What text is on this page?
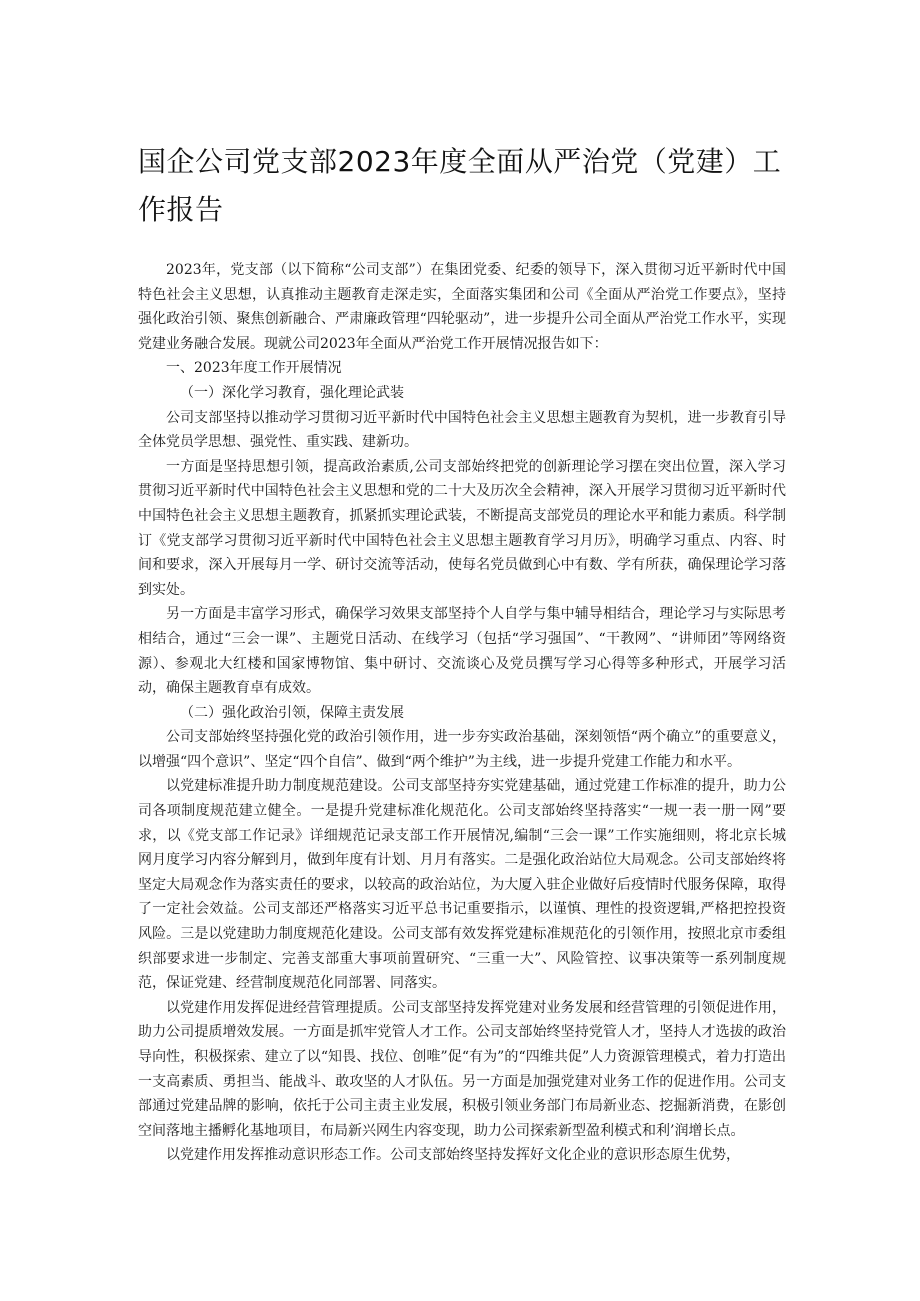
国企公司党支部2023年度全面从严治党（党建）工作报告

2023年，党支部（以下简称“公司支部”）在集团党委、纪委的领导下，深入贯彻习近平新时代中国特色社会主义思想，认真推动主题教育走深走实，全面落实集团和公司《全面从严治党工作要点》，坚持强化政治引领、聚焦创新融合、严肃廉政管理“四轮驱动”，进一步提升公司全面从严治党工作水平，实现党建业务融合发展。现就公司2023年全面从严治党工作开展情况报告如下：

一、2023年度工作开展情况

（一）深化学习教育，强化理论武装

公司支部坚持以推动学习贯彻习近平新时代中国特色社会主义思想主题教育为契机，进一步教育引导全体党员学思想、强党性、重实践、建新功。

一方面是坚持思想引领，提高政治素质,公司支部始终把党的创新理论学习摆在突出位置，深入学习贯彻习近平新时代中国特色社会主义思想和党的二十大及历次全会精神，深入开展学习贯彻习近平新时代中国特色社会主义思想主题教育，抓紧抓实理论武装，不断提高支部党员的理论水平和能力素质。科学制订《党支部学习贯彻习近平新时代中国特色社会主义思想主题教育学习月历》，明确学习重点、内容、时间和要求，深入开展每月一学、研讨交流等活动，使每名党员做到心中有数、学有所获，确保理论学习落到实处。

另一方面是丰富学习形式，确保学习效果支部坚持个人自学与集中辅导相结合，理论学习与实际思考相结合，通过“三会一课”、主题党日活动、在线学习（包括“学习强国”、“干教网”、“讲师团”等网络资源）、参观北大红楼和国家博物馆、集中研讨、交流谈心及党员撰写学习心得等多种形式，开展学习活动，确保主题教育卓有成效。

（二）强化政治引领，保障主责发展

公司支部始终坚持强化党的政治引领作用，进一步夯实政治基础，深刻领悟“两个确立”的重要意义，以增强“四个意识”、坚定“四个自信”、做到“两个维护”为主线，进一步提升党建工作能力和水平。

以党建标准提升助力制度规范建设。公司支部坚持夯实党建基础，通过党建工作标准的提升，助力公司各项制度规范建立健全。一是提升党建标准化规范化。公司支部始终坚持落实“一规一表一册一网”要求，以《党支部工作记录》详细规范记录支部工作开展情况,编制“三会一课”工作实施细则，将北京长城网月度学习内容分解到月，做到年度有计划、月月有落实。二是强化政治站位大局观念。公司支部始终将坚定大局观念作为落实责任的要求，以较高的政治站位，为大厦入驻企业做好后疫情时代服务保障，取得了一定社会效益。公司支部还严格落实习近平总书记重要指示，以谨慎、理性的投资逻辑,严格把控投资风险。三是以党建助力制度规范化建设。公司支部有效发挥党建标准规范化的引领作用，按照北京市委组织部要求进一步制定、完善支部重大事项前置研究、“三重一大”、风险管控、议事决策等一系列制度规范，保证党建、经营制度规范化同部署、同落实。

以党建作用发挥促进经营管理提质。公司支部坚持发挥党建对业务发展和经营管理的引领促进作用，助力公司提质增效发展。一方面是抓牢党管人才工作。公司支部始终坚持党管人才，坚持人才选拔的政治导向性，积极探索、建立了以“知畏、找位、创唯”促“有为”的“四维共促”人力资源管理模式，着力打造出一支高素质、勇担当、能战斗、敢攻坚的人才队伍。另一方面是加强党建对业务工作的促进作用。公司支部通过党建品牌的影响，依托于公司主责主业发展，积极引领业务部门布局新业态、挖掘新消费，在影创空间落地主播孵化基地项目，布局新兴网生内容变现，助力公司探索新型盈利模式和利’润增长点。

以党建作用发挥推动意识形态工作。公司支部始终坚持发挥好文化企业的意识形态原生优势，
